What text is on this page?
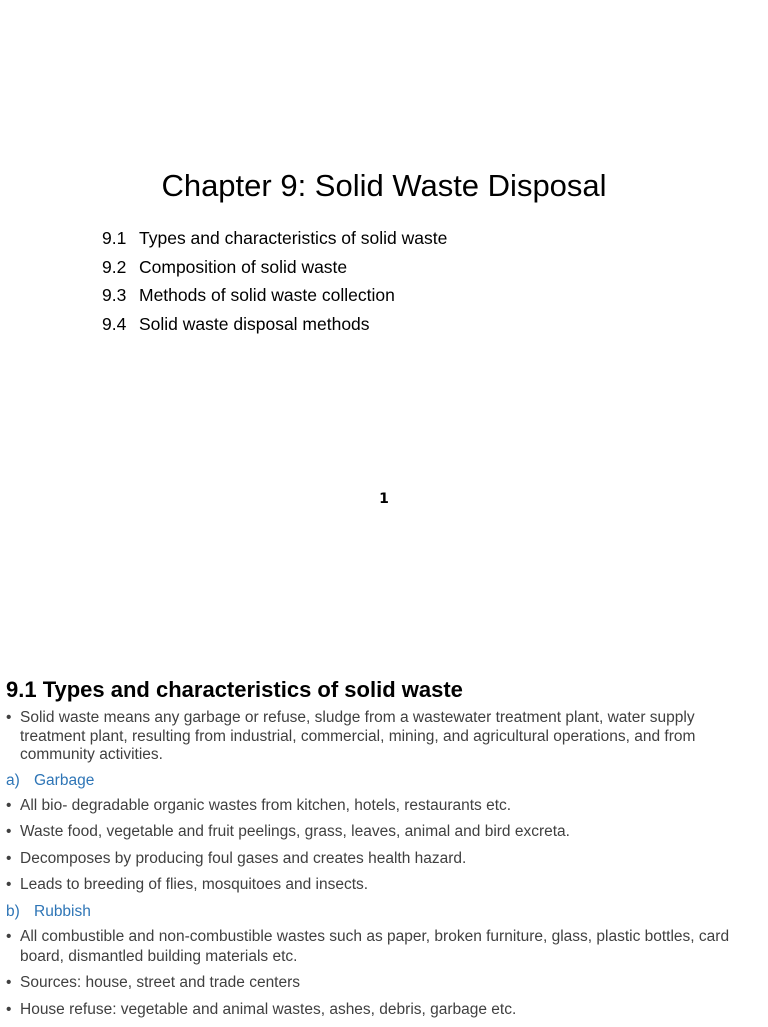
Chapter 9: Solid Waste Disposal
9.1 Types and characteristics of solid waste
9.2 Composition of solid waste
9.3 Methods of solid waste collection
9.4 Solid waste disposal methods
1
9.1 Types and characteristics of solid waste

• Solid waste means any garbage or refuse, sludge from a wastewater treatment plant, water supply treatment plant, resulting from industrial, commercial, mining, and agricultural operations, and from community activities.

a) Garbage

• All bio- degradable organic wastes from kitchen, hotels, restaurants etc.

• Waste food, vegetable and fruit peelings, grass, leaves, animal and bird excreta.

• Decomposes by producing foul gases and creates health hazard.

• Leads to breeding of flies, mosquitoes and insects.

b) Rubbish

• All combustible and non-combustible wastes such as paper, broken furniture, glass, plastic bottles, card board, dismantled building materials etc.

• Sources: house, street and trade centers

• House refuse: vegetable and animal wastes, ashes, debris, garbage etc.
